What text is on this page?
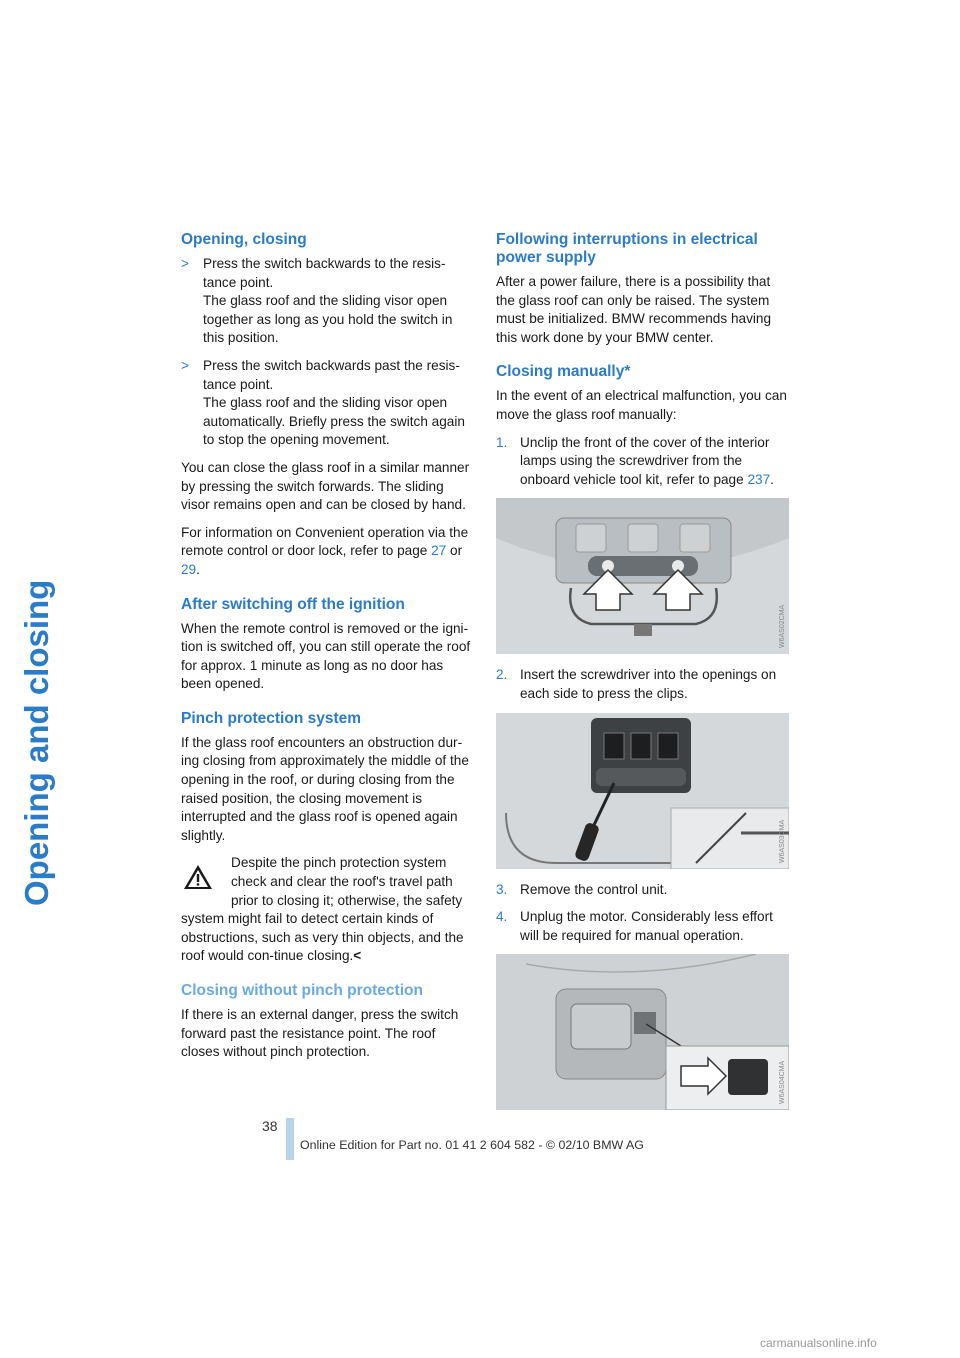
Opening and closing
Opening, closing
> Press the switch backwards to the resis-
tance point.
The glass roof and the sliding visor open
together as long as you hold the switch in
this position.
> Press the switch backwards past the resis-
tance point.
The glass roof and the sliding visor open
automatically. Briefly press the switch again
to stop the opening movement.

You can close the glass roof in a similar manner by pressing the switch forwards. The sliding visor remains open and can be closed by hand.

For information on Convenient operation via the remote control or door lock, refer to page 27 or 29.

After switching off the ignition

When the remote control is removed or the igni-tion is switched off, you can still operate the roof for approx. 1 minute as long as no door has been opened.

Pinch protection system

If the glass roof encounters an obstruction dur-ing closing from approximately the middle of the opening in the roof, or during closing from the raised position, the closing movement is interrupted and the glass roof is opened again slightly.

Despite the pinch protection system check and clear the roof's travel path prior to closing it; otherwise, the safety system might fail to detect certain kinds of obstructions, such as very thin objects, and the roof would con-tinue closing.<
Closing without pinch protection

If there is an external danger, press the switch forward past the resistance point. The roof closes without pinch protection.

Following interruptions in electrical power supply

After a power failure, there is a possibility that the glass roof can only be raised. The system must be initialized. BMW recommends having this work done by your BMW center.

Closing manually*

In the event of an electrical malfunction, you can move the glass roof manually:

1. Unclip the front of the cover of the interior lamps using the screwdriver from the onboard vehicle tool kit, refer to page 237.
W6AS02CMA
2. Insert the screwdriver into the openings on each side to press the clips.
W6AS03CMA
3. Remove the control unit.
4. Unplug the motor. Considerably less effort will be required for manual operation.
W6AS04CMA
38
Online Edition for Part no. 01 41 2 604 582 - © 02/10 BMW AG
carmanualsonline.info
